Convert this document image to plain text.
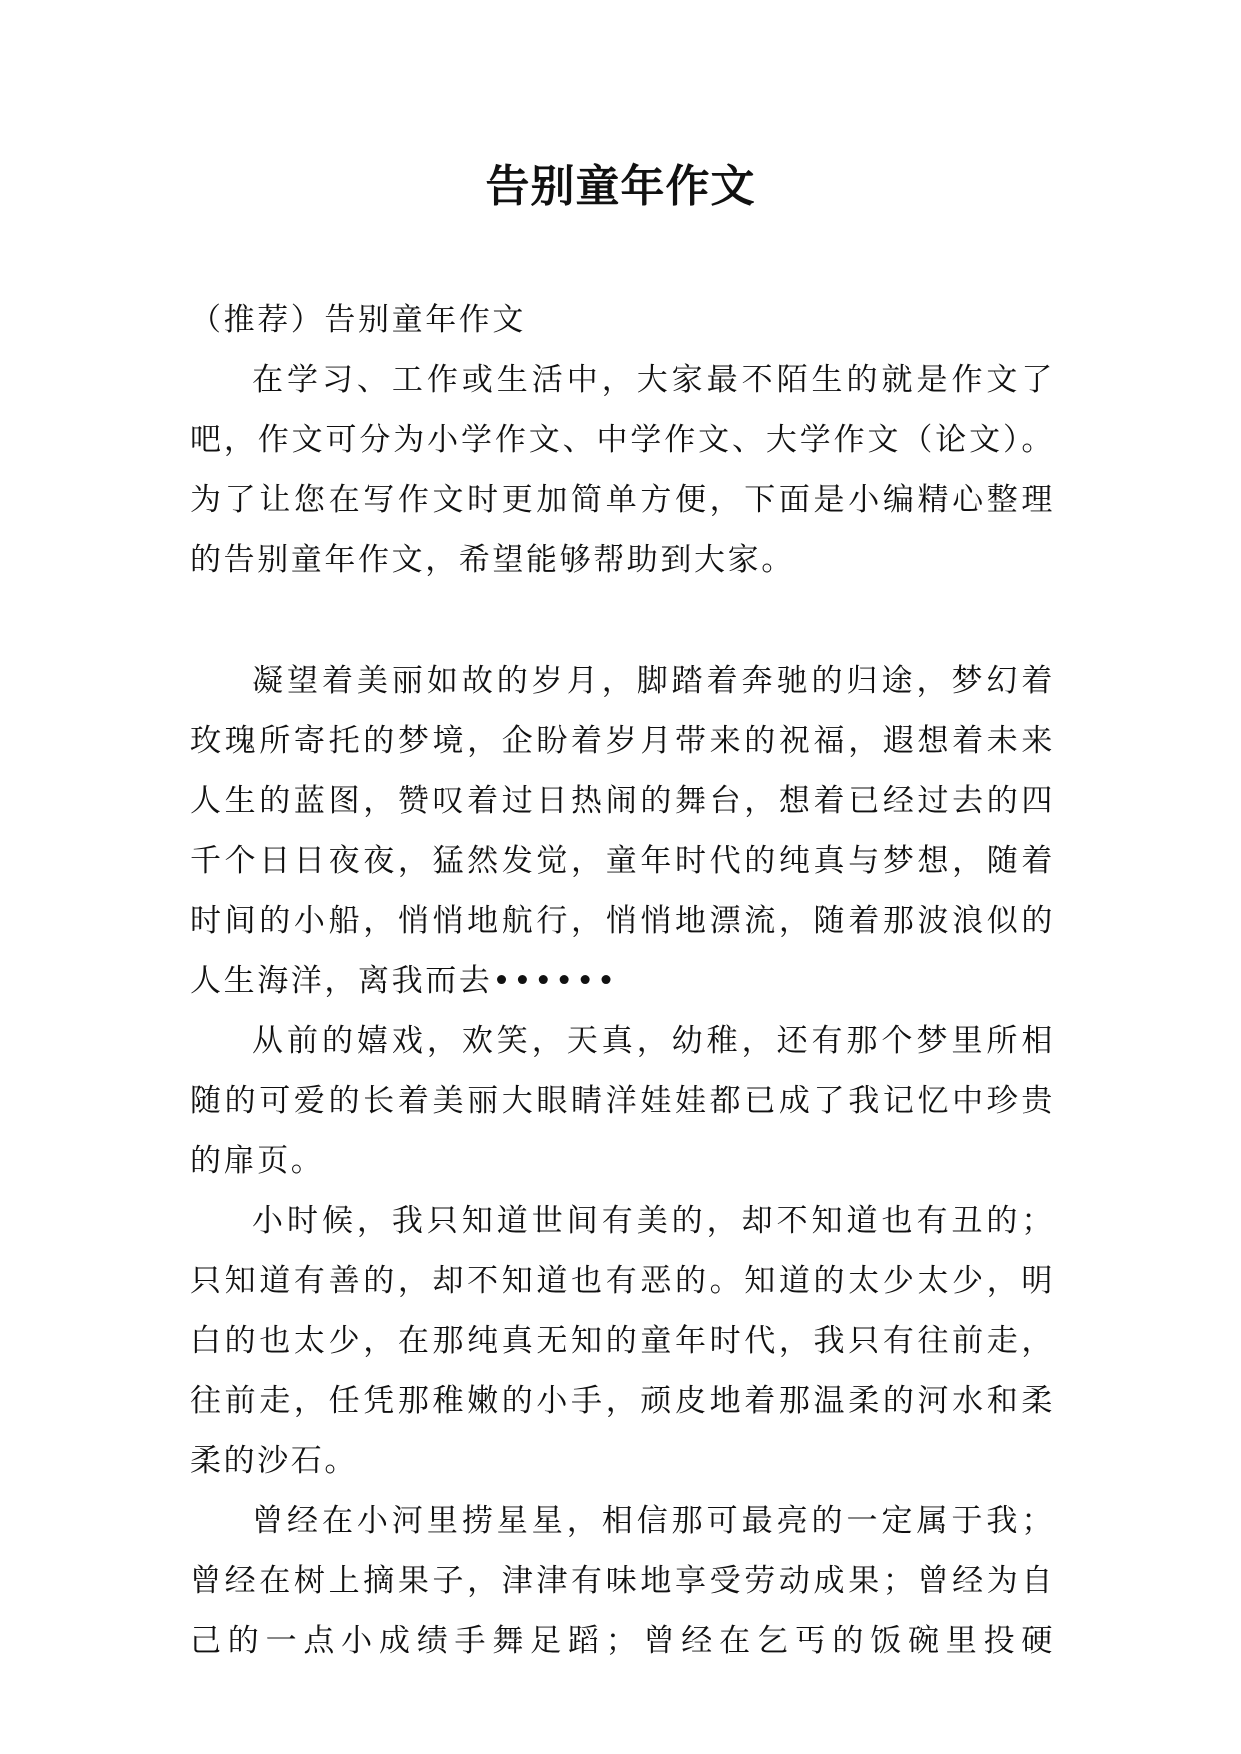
告别童年作文

（推荐）告别童年作文

在学习、工作或生活中，大家最不陌生的就是作文了吧，作文可分为小学作文、中学作文、大学作文（论文）。为了让您在写作文时更加简单方便，下面是小编精心整理的告别童年作文，希望能够帮助到大家。

凝望着美丽如故的岁月，脚踏着奔驰的归途，梦幻着玫瑰所寄托的梦境，企盼着岁月带来的祝福，遐想着未来人生的蓝图，赞叹着过日热闹的舞台，想着已经过去的四千个日日夜夜，猛然发觉，童年时代的纯真与梦想，随着时间的小船，悄悄地航行，悄悄地漂流，随着那波浪似的人生海洋，离我而去••••••

从前的嬉戏，欢笑，天真，幼稚，还有那个梦里所相随的可爱的长着美丽大眼睛洋娃娃都已成了我记忆中珍贵的扉页。

小时候，我只知道世间有美的，却不知道也有丑的；只知道有善的，却不知道也有恶的。知道的太少太少，明白的也太少，在那纯真无知的童年时代，我只有往前走，往前走，任凭那稚嫩的小手，顽皮地着那温柔的河水和柔柔的沙石。

曾经在小河里捞星星，相信那可最亮的一定属于我；曾经在树上摘果子，津津有味地享受劳动成果；曾经为自己的一点小成绩手舞足蹈；曾经在乞丐的饭碗里投硬
